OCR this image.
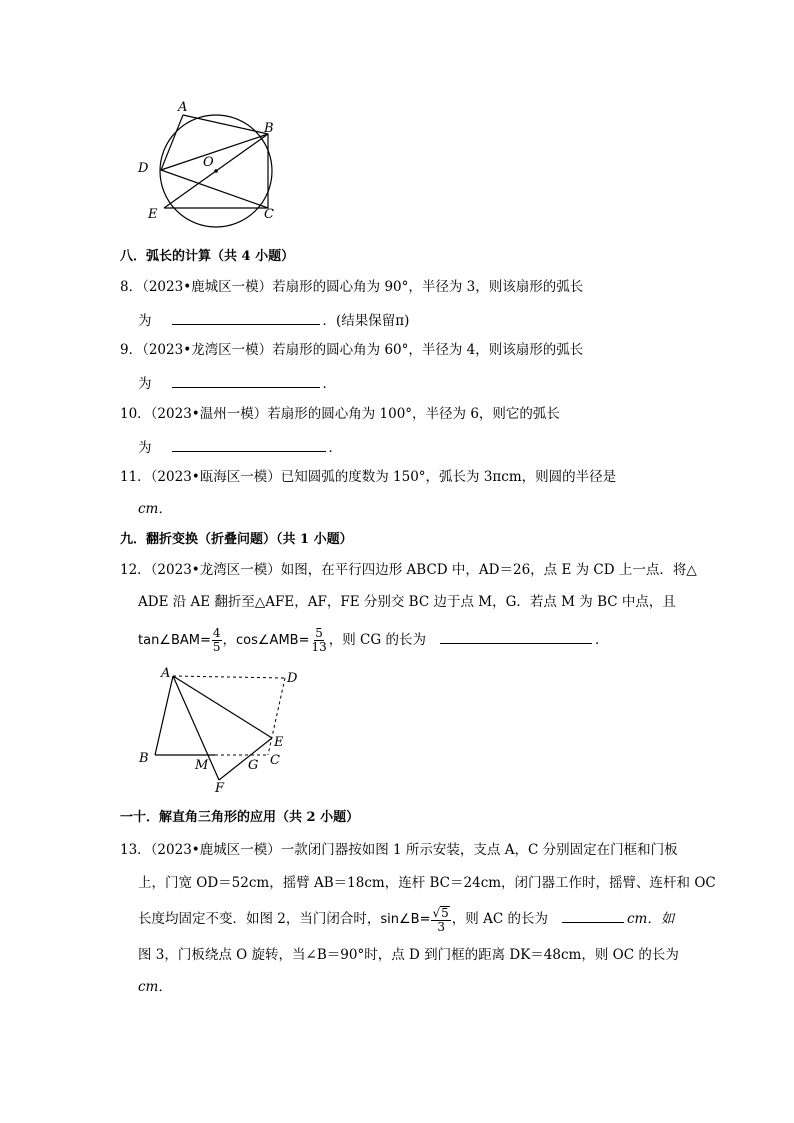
A
B
O
D
E	C
八．弧长的计算（共 4 小题）
8．（2023•鹿城区一模）若扇形的圆心角为 90°，半径为 3，则该扇形的弧长
为	．(结果保留π)
9．（2023•龙湾区一模）若扇形的圆心角为 60°，半径为 4，则该扇形的弧长
为	．
10．（2023•温州一模）若扇形的圆心角为 100°，半径为 6，则它的弧长
为	．
11．（2023•瓯海区一模）已知圆弧的度数为 150°，弧长为 3πcm，则圆的半径是
cm．
九．翻折变换（折叠问题）（共 1 小题）
12．（2023•龙湾区一模）如图，在平行四边形 ABCD 中，AD＝26，点 E 为 CD 上一点．将△
ADE 沿 AE 翻折至△AFE，AF，FE 分别交 BC 边于点 M，G．若点 M 为 BC 中点，且
tan∠BAM= $\frac{4}{5}$ ，cos∠AMB= $\frac{5}{13}$ ，则 CG 的长为	．
A	D
E
B	M	G C
F
一十．解直角三角形的应用（共 2 小题）
13．（2023•鹿城区一模）一款闭门器按如图 1 所示安装，支点 A，C 分别固定在门框和门板
上，门宽 OD＝52cm，摇臂 AB＝18cm，连杆 BC＝24cm，闭门器工作时，摇臂、连杆和 OC
长度均固定不变．如图 2，当门闭合时，sin∠B= $\frac{√5}{3}$ ，则 AC 的长为	cm．如
图 3，门板绕点 O 旋转，当∠B＝90°时，点 D 到门框的距离 DK＝48cm，则 OC 的长为
cm．
